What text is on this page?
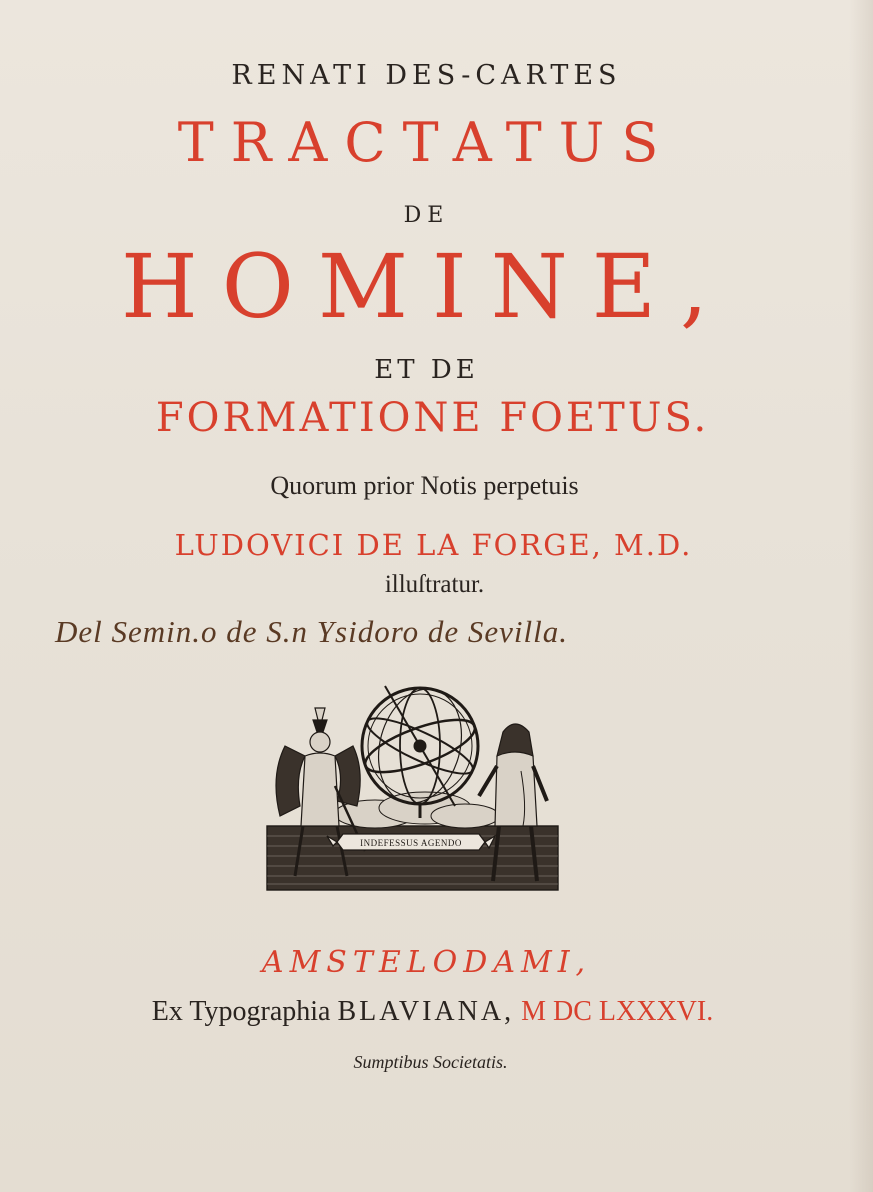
RENATI DES-CARTES
TRACTATUS
DE
HOMINE,
ET DE
FORMATIONE FOETUS.
Quorum prior Notis perpetuis
LUDOVICI DE LA FORGE, M.D.
illuſtratur.
Del Semin.o de S.n Ysidoro de Sevilla.
INDEFESSUS AGENDO
AMSTELODAMI,
Ex Typographia BLAVIANA, M DC LXXXVI.
Sumptibus Societatis.
